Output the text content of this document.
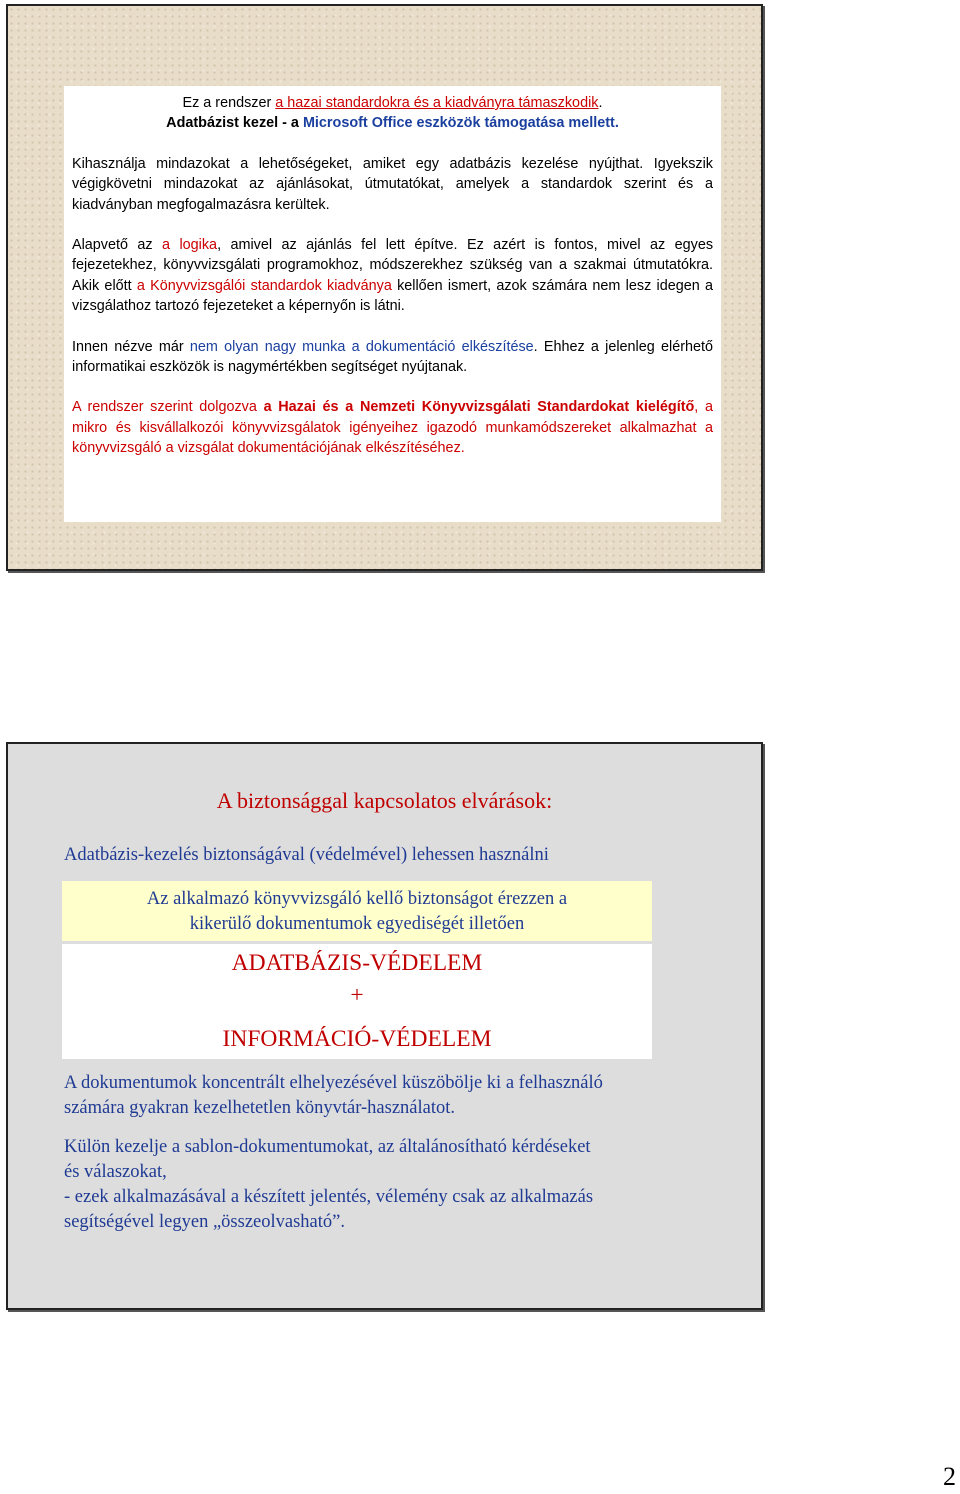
Ez a rendszer a hazai standardokra és a kiadványra támaszkodik.

Adatbázist kezel - a Microsoft Office eszközök támogatása mellett.

Kihasználja mindazokat a lehetőségeket, amiket egy adatbázis kezelése nyújthat. Igyekszik végigkövetni mindazokat az ajánlásokat, útmutatókat, amelyek a standardok szerint és a kiadványban megfogalmazásra kerültek.

Alapvető az a logika, amivel az ajánlás fel lett építve. Ez azért is fontos, mivel az egyes fejezetekhez, könyvvizsgálati programokhoz, módszerekhez szükség van a szakmai útmutatókra. Akik előtt a Könyvvizsgálói standardok kiadványa kellően ismert, azok számára nem lesz idegen a vizsgálathoz tartozó fejezeteket a képernyőn is látni.

Innen nézve már nem olyan nagy munka a dokumentáció elkészítése. Ehhez a jelenleg elérhető informatikai eszközök is nagymértékben segítséget nyújtanak.

A rendszer szerint dolgozva a Hazai és a Nemzeti Könyvvizsgálati Standardokat kielégítő, a mikro és kisvállalkozói könyvvizsgálatok igényeihez igazodó munkamódszereket alkalmazhat a könyvvizsgáló a vizsgálat dokumentációjának elkészítéséhez.

A biztonsággal kapcsolatos elvárások:
Adatbázis-kezelés biztonságával (védelmével) lehessen használni
Az alkalmazó könyvvizsgáló kellő biztonságot érezzen a
kikerülő dokumentumok egyediségét illetően
ADATBÁZIS-VÉDELEM
+
INFORMÁCIÓ-VÉDELEM
A dokumentumok koncentrált elhelyezésével küszöbölje ki a felhasználó
számára gyakran kezelhetetlen könyvtár-használatot.
Külön kezelje a sablon-dokumentumokat, az általánosítható kérdéseket
és válaszokat,
- ezek alkalmazásával a készített jelentés, vélemény csak az alkalmazás
segítségével legyen „összeolvasható”.
2
